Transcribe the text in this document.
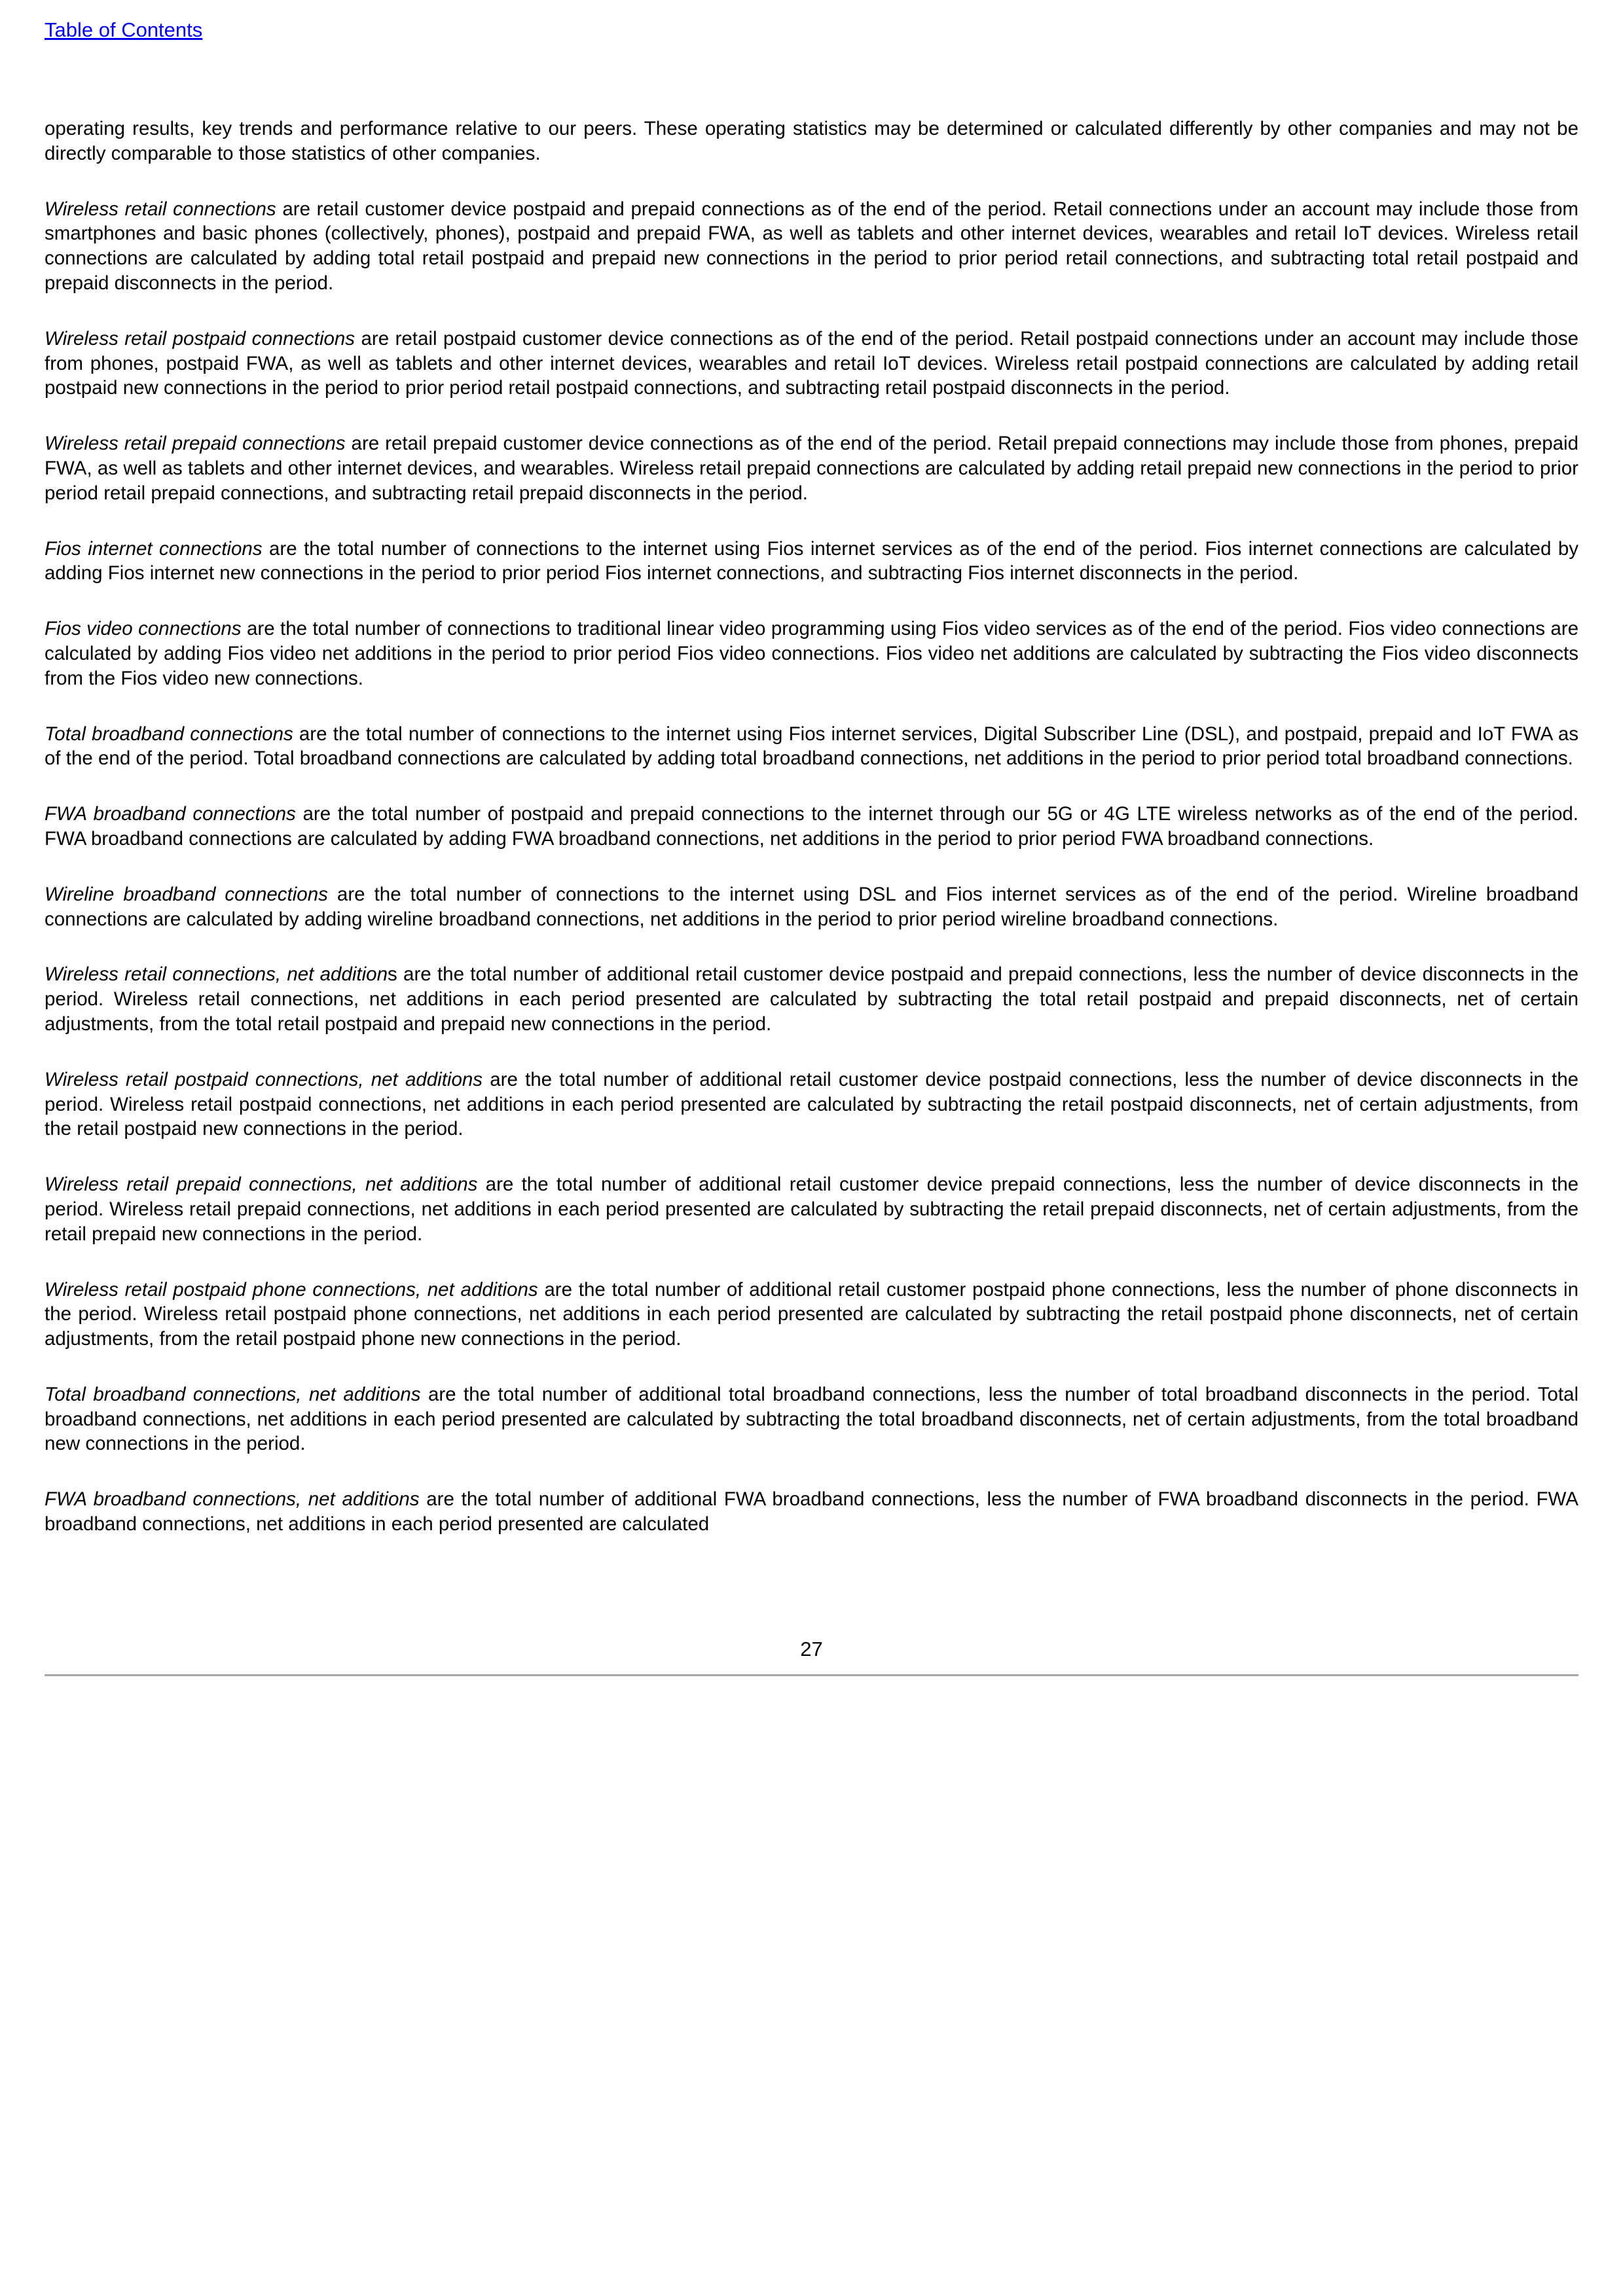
Table of Contents

operating results, key trends and performance relative to our peers. These operating statistics may be determined or calculated differently by other companies and may not be directly comparable to those statistics of other companies.

Wireless retail connections are retail customer device postpaid and prepaid connections as of the end of the period. Retail connections under an account may include those from smartphones and basic phones (collectively, phones), postpaid and prepaid FWA, as well as tablets and other internet devices, wearables and retail IoT devices. Wireless retail connections are calculated by adding total retail postpaid and prepaid new connections in the period to prior period retail connections, and subtracting total retail postpaid and prepaid disconnects in the period.

Wireless retail postpaid connections are retail postpaid customer device connections as of the end of the period. Retail postpaid connections under an account may include those from phones, postpaid FWA, as well as tablets and other internet devices, wearables and retail IoT devices. Wireless retail postpaid connections are calculated by adding retail postpaid new connections in the period to prior period retail postpaid connections, and subtracting retail postpaid disconnects in the period.

Wireless retail prepaid connections are retail prepaid customer device connections as of the end of the period. Retail prepaid connections may include those from phones, prepaid FWA, as well as tablets and other internet devices, and wearables. Wireless retail prepaid connections are calculated by adding retail prepaid new connections in the period to prior period retail prepaid connections, and subtracting retail prepaid disconnects in the period.

Fios internet connections are the total number of connections to the internet using Fios internet services as of the end of the period. Fios internet connections are calculated by adding Fios internet new connections in the period to prior period Fios internet connections, and subtracting Fios internet disconnects in the period.

Fios video connections are the total number of connections to traditional linear video programming using Fios video services as of the end of the period. Fios video connections are calculated by adding Fios video net additions in the period to prior period Fios video connections. Fios video net additions are calculated by subtracting the Fios video disconnects from the Fios video new connections.

Total broadband connections are the total number of connections to the internet using Fios internet services, Digital Subscriber Line (DSL), and postpaid, prepaid and IoT FWA as of the end of the period. Total broadband connections are calculated by adding total broadband connections, net additions in the period to prior period total broadband connections.

FWA broadband connections are the total number of postpaid and prepaid connections to the internet through our 5G or 4G LTE wireless networks as of the end of the period. FWA broadband connections are calculated by adding FWA broadband connections, net additions in the period to prior period FWA broadband connections.

Wireline broadband connections are the total number of connections to the internet using DSL and Fios internet services as of the end of the period. Wireline broadband connections are calculated by adding wireline broadband connections, net additions in the period to prior period wireline broadband connections.

Wireless retail connections, net additions are the total number of additional retail customer device postpaid and prepaid connections, less the number of device disconnects in the period. Wireless retail connections, net additions in each period presented are calculated by subtracting the total retail postpaid and prepaid disconnects, net of certain adjustments, from the total retail postpaid and prepaid new connections in the period.

Wireless retail postpaid connections, net additions are the total number of additional retail customer device postpaid connections, less the number of device disconnects in the period. Wireless retail postpaid connections, net additions in each period presented are calculated by subtracting the retail postpaid disconnects, net of certain adjustments, from the retail postpaid new connections in the period.

Wireless retail prepaid connections, net additions are the total number of additional retail customer device prepaid connections, less the number of device disconnects in the period. Wireless retail prepaid connections, net additions in each period presented are calculated by subtracting the retail prepaid disconnects, net of certain adjustments, from the retail prepaid new connections in the period.

Wireless retail postpaid phone connections, net additions are the total number of additional retail customer postpaid phone connections, less the number of phone disconnects in the period. Wireless retail postpaid phone connections, net additions in each period presented are calculated by subtracting the retail postpaid phone disconnects, net of certain adjustments, from the retail postpaid phone new connections in the period.

Total broadband connections, net additions are the total number of additional total broadband connections, less the number of total broadband disconnects in the period. Total broadband connections, net additions in each period presented are calculated by subtracting the total broadband disconnects, net of certain adjustments, from the total broadband new connections in the period.

FWA broadband connections, net additions are the total number of additional FWA broadband connections, less the number of FWA broadband disconnects in the period. FWA broadband connections, net additions in each period presented are calculated

27
